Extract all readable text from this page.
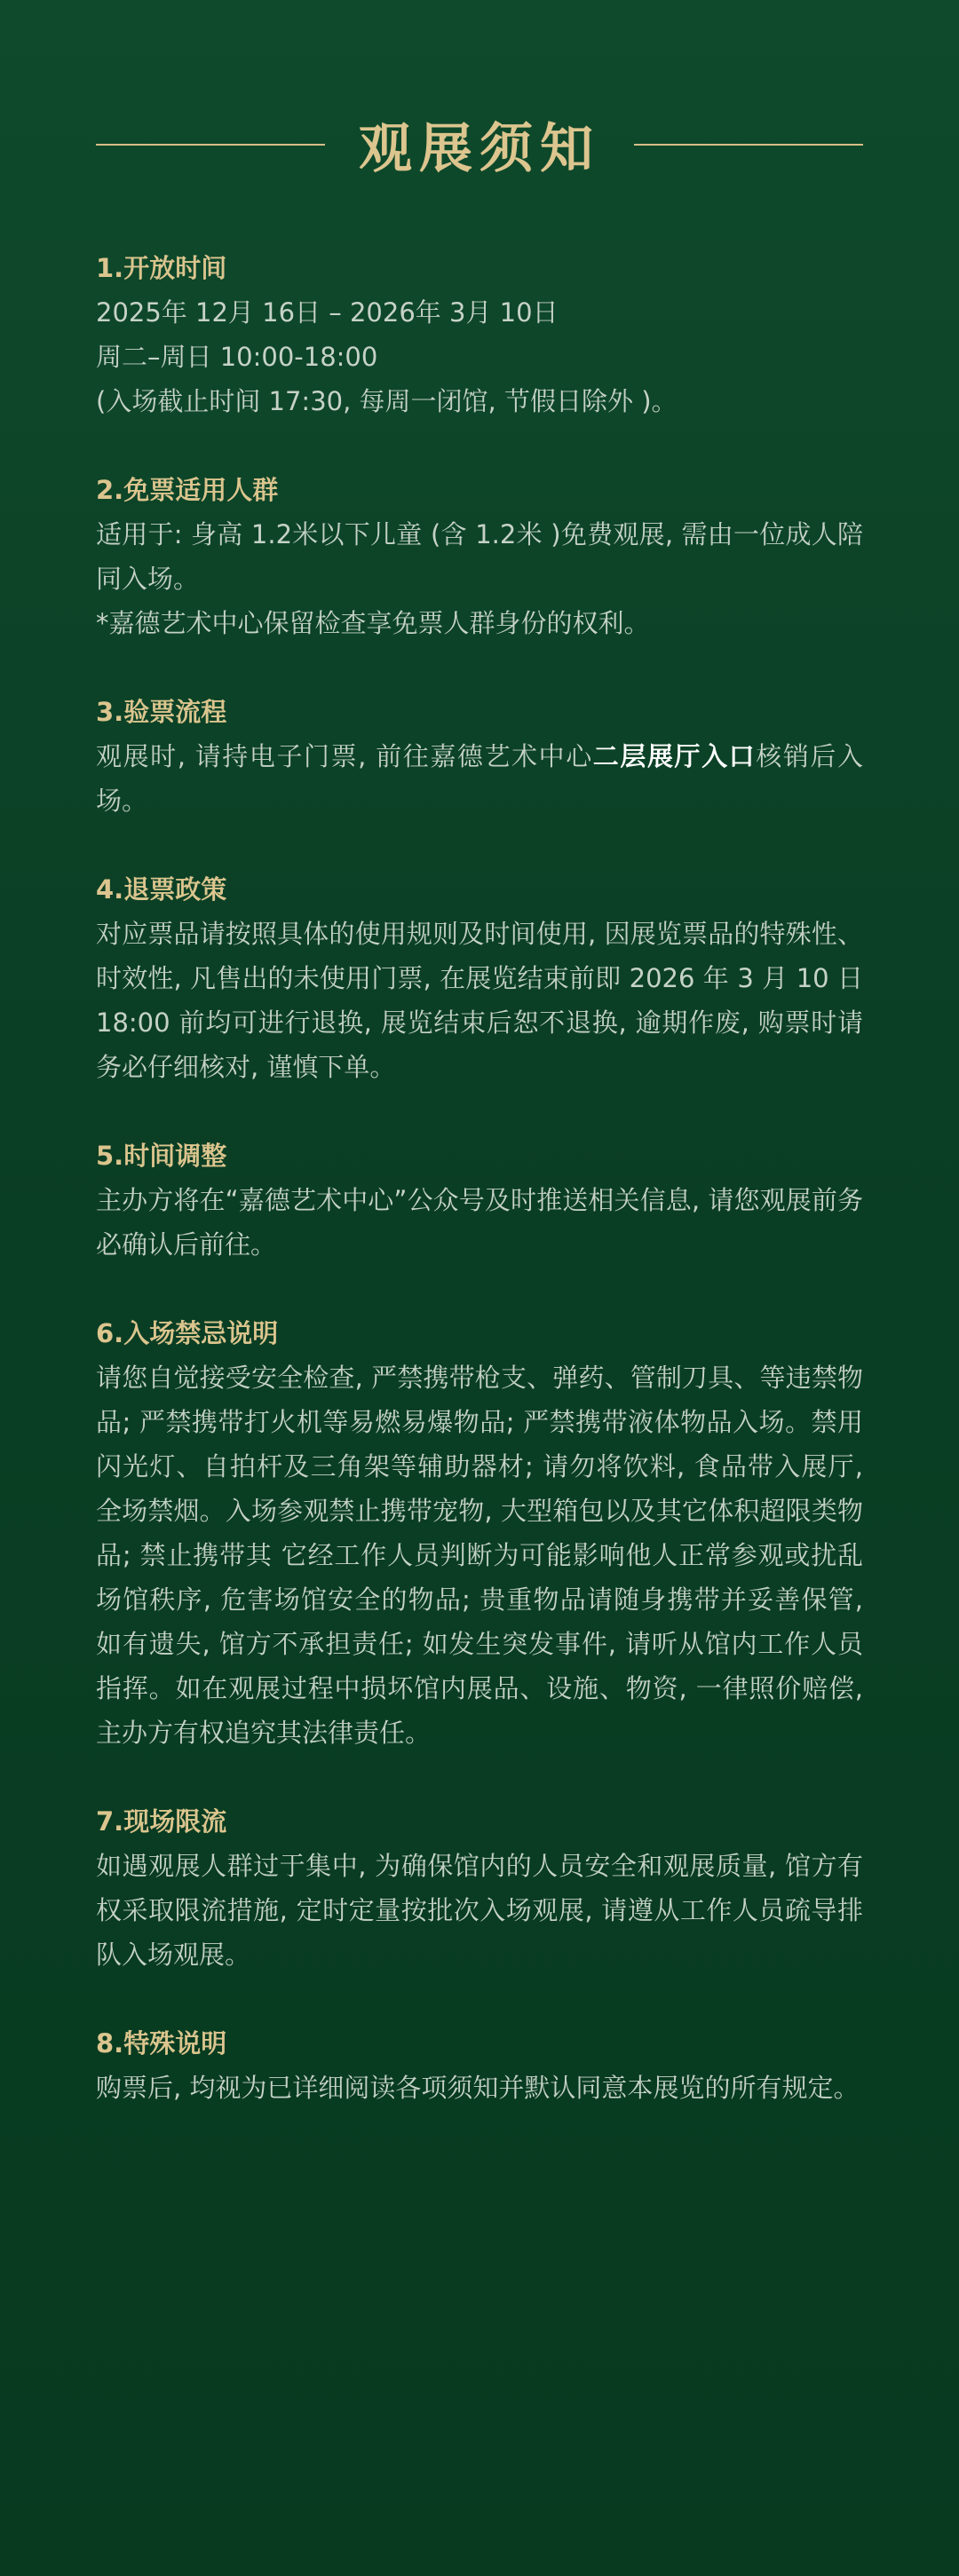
观展须知
1.开放时间
2025年 12月 16日 – 2026年 3月 10日
周二–周日 10:00-18:00
(入场截止时间 17:30, 每周一闭馆, 节假日除外 )。
2.免票适用人群
适用于: 身高 1.2米以下儿童 (含 1.2米 )免费观展, 需由一位成人陪同入场。
*嘉德艺术中心保留检查享免票人群身份的权利。
3.验票流程
观展时, 请持电子门票, 前往嘉德艺术中心二层展厅入口核销后入场。
4.退票政策
对应票品请按照具体的使用规则及时间使用, 因展览票品的特殊性、时效性, 凡售出的未使用门票, 在展览结束前即 2026 年 3 月 10 日 18:00 前均可进行退换, 展览结束后恕不退换, 逾期作废, 购票时请务必仔细核对, 谨慎下单。
5.时间调整
主办方将在“嘉德艺术中心”公众号及时推送相关信息, 请您观展前务必确认后前往。
6.入场禁忌说明
请您自觉接受安全检查, 严禁携带枪支、弹药、管制刀具、等违禁物品; 严禁携带打火机等易燃易爆物品; 严禁携带液体物品入场。禁用闪光灯、自拍杆及三角架等辅助器材; 请勿将饮料, 食品带入展厅, 全场禁烟。入场参观禁止携带宠物, 大型箱包以及其它体积超限类物品; 禁止携带其 它经工作人员判断为可能影响他人正常参观或扰乱场馆秩序, 危害场馆安全的物品; 贵重物品请随身携带并妥善保管, 如有遗失, 馆方不承担责任; 如发生突发事件, 请听从馆内工作人员指挥。如在观展过程中损坏馆内展品、设施、物资, 一律照价赔偿, 主办方有权追究其法律责任。
7.现场限流
如遇观展人群过于集中, 为确保馆内的人员安全和观展质量, 馆方有权采取限流措施, 定时定量按批次入场观展, 请遵从工作人员疏导排队入场观展。
8.特殊说明
购票后, 均视为已详细阅读各项须知并默认同意本展览的所有规定。
